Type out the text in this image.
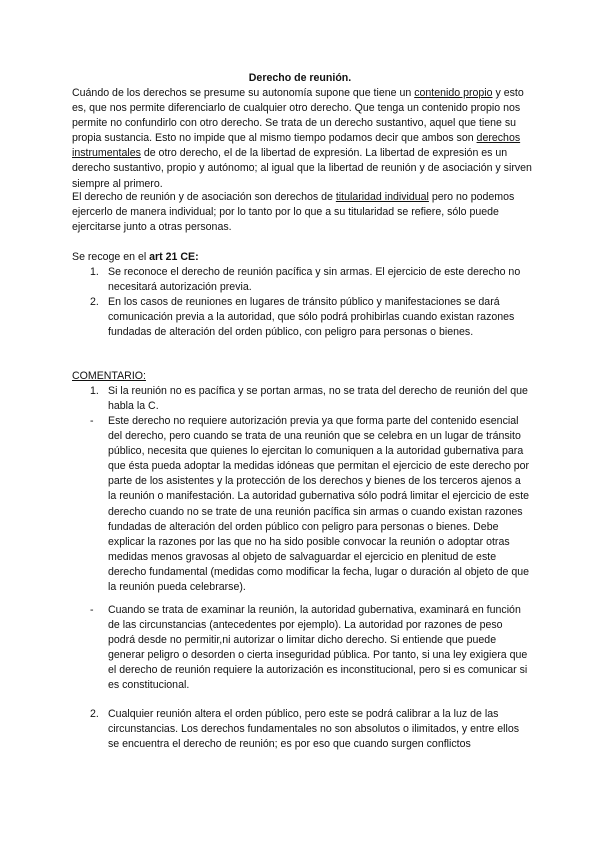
Derecho de reunión.
Cuándo de los derechos se presume su autonomía supone que tiene un contenido propio y esto es, que nos permite diferenciarlo de cualquier otro derecho. Que tenga un contenido propio nos permite no confundirlo con otro derecho. Se trata de un derecho sustantivo, aquel que tiene su propia sustancia. Esto no impide que al mismo tiempo podamos decir que ambos son derechos instrumentales de otro derecho, el de la libertad de expresión. La libertad de expresión es un derecho sustantivo, propio y autónomo; al igual que la libertad de reunión y de asociación y sirven siempre al primero.
El derecho de reunión y de asociación son derechos de titularidad individual pero no podemos ejercerlo de manera individual; por lo tanto por lo que a su titularidad se refiere, sólo puede ejercitarse junto a otras personas.
Se recoge en el art 21 CE:
1. Se reconoce el derecho de reunión pacífica y sin armas. El ejercicio de este derecho no necesitará autorización previa.
2. En los casos de reuniones en lugares de tránsito público y manifestaciones se dará comunicación previa a la autoridad, que sólo podrá prohibirlas cuando existan razones fundadas de alteración del orden público, con peligro para personas o bienes.
COMENTARIO:
1. Si la reunión no es pacífica y se portan armas, no se trata del derecho de reunión del que habla la C.
-	Este derecho no requiere autorización previa ya que forma parte del contenido esencial del derecho, pero cuando se trata de una reunión que se celebra en un lugar de tránsito público, necesita que quienes lo ejercitan lo comuniquen a la autoridad gubernativa para que ésta pueda adoptar la medidas idóneas que permitan el ejercicio de este derecho por parte de los asistentes y la protección de los derechos y bienes de los terceros ajenos a la reunión o manifestación. La autoridad gubernativa sólo podrá limitar el ejercicio de este derecho cuando no se trate de una reunión pacífica sin armas o cuando existan razones fundadas de alteración del orden público con peligro para personas o bienes. Debe explicar la razones por las que no ha sido posible convocar la reunión o adoptar otras medidas menos gravosas al objeto de salvaguardar el ejercicio en plenitud de este derecho fundamental (medidas como modificar la fecha, lugar o duración al objeto de que la reunión pueda celebrarse).
-	Cuando se trata de examinar la reunión, la autoridad gubernativa, examinará en función de las circunstancias (antecedentes por ejemplo). La autoridad por razones de peso podrá desde no permitir,ni autorizar o limitar dicho derecho. Si entiende que puede generar peligro o desorden o cierta inseguridad pública. Por tanto, si una ley exigiera que el derecho de reunión requiere la autorización es inconstitucional, pero si es comunicar si es constitucional.
2. Cualquier reunión altera el orden público, pero este se podrá calibrar a la luz de las circunstancias. Los derechos fundamentales no son absolutos o ilimitados, y entre ellos se encuentra el derecho de reunión; es por eso que cuando surgen conflictos
